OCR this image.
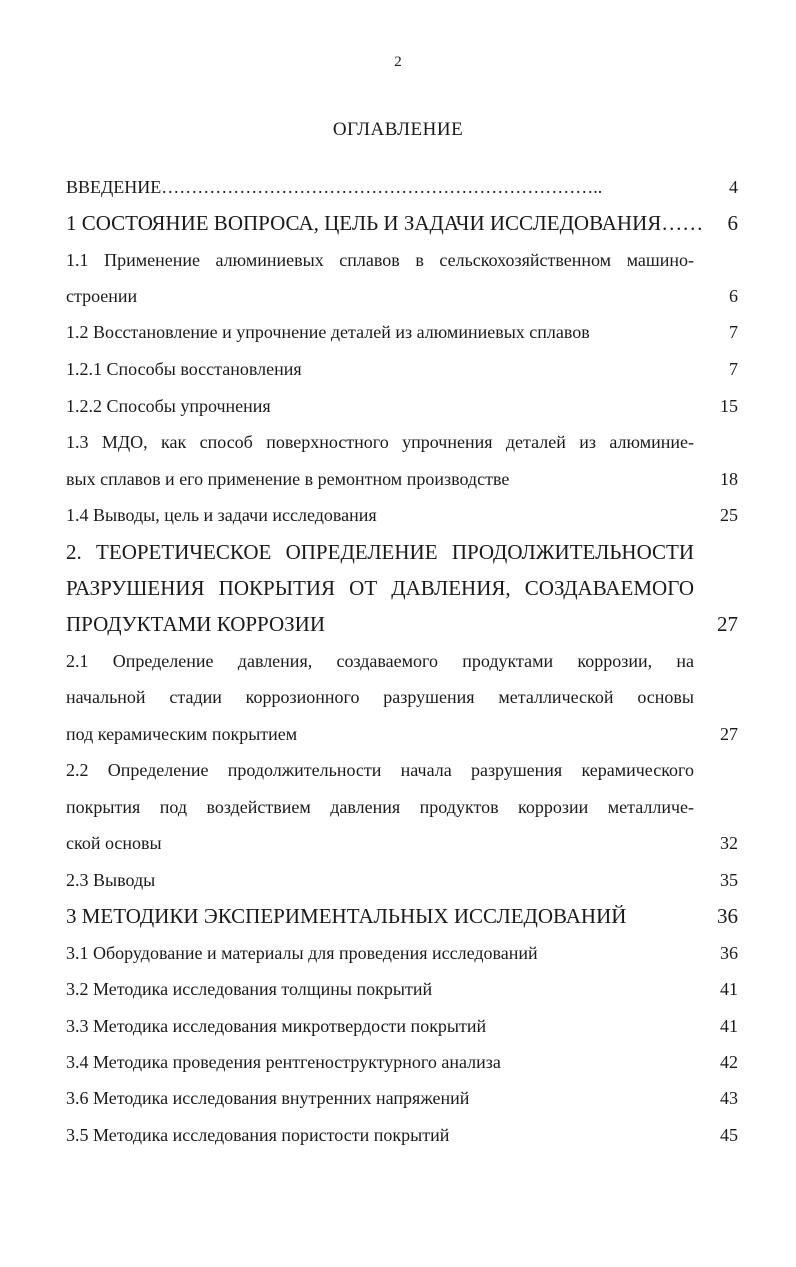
2
ОГЛАВЛЕНИЕ
ВВЕДЕНИЕ………………………………………………………………..	4
1 СОСТОЯНИЕ ВОПРОСА, ЦЕЛЬ И ЗАДАЧИ ИССЛЕДОВАНИЯ……	6
1.1 Применение алюминиевых сплавов в сельскохозяйственном машино-
строении	6
1.2 Восстановление и упрочнение деталей из алюминиевых сплавов	7
1.2.1 Способы восстановления	7
1.2.2 Способы упрочнения	15
1.3 МДО, как способ поверхностного упрочнения деталей из алюминие-
вых сплавов и его применение в ремонтном производстве	18
1.4 Выводы, цель и задачи исследования	25
2. ТЕОРЕТИЧЕСКОЕ ОПРЕДЕЛЕНИЕ ПРОДОЛЖИТЕЛЬНОСТИ
РАЗРУШЕНИЯ ПОКРЫТИЯ ОТ ДАВЛЕНИЯ, СОЗДАВАЕМОГО
ПРОДУКТАМИ КОРРОЗИИ	27
2.1 Определение давления, создаваемого продуктами коррозии, на
начальной стадии коррозионного разрушения металлической основы
под керамическим покрытием	27
2.2 Определение продолжительности начала разрушения керамического
покрытия под воздействием давления продуктов коррозии металличе-
ской основы	32
2.3 Выводы	35
3 МЕТОДИКИ ЭКСПЕРИМЕНТАЛЬНЫХ ИССЛЕДОВАНИЙ	36
3.1 Оборудование и материалы для проведения исследований	36
3.2 Методика исследования толщины покрытий	41
3.3 Методика исследования микротвердости покрытий	41
3.4 Методика проведения рентгеноструктурного анализа	42
3.6 Методика исследования внутренних напряжений	43
3.5 Методика исследования пористости покрытий	45
